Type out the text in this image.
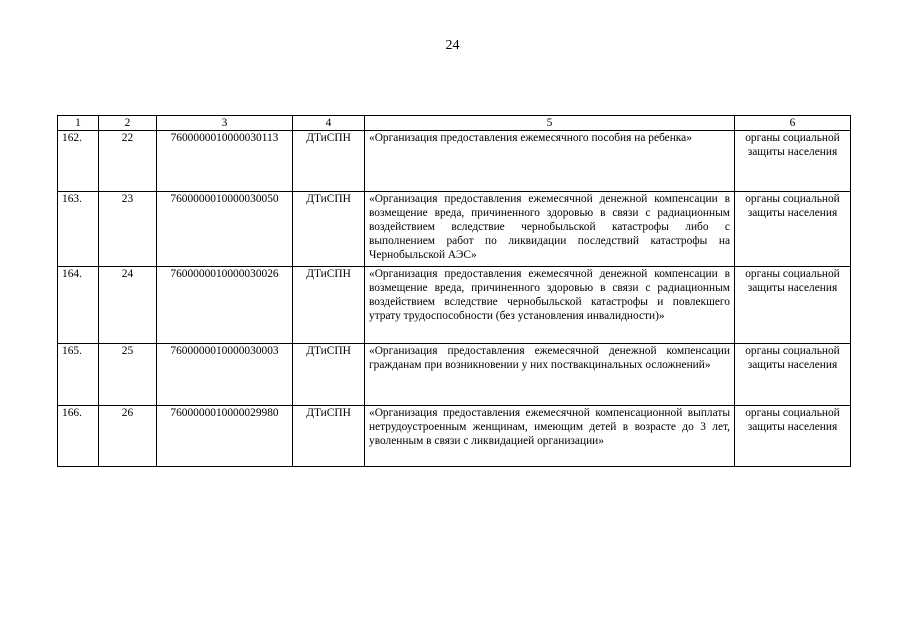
24
1	2	3	4	5	6
162.	22	7600000010000030113	ДТиСПН	«Организация предоставления ежемесячного пособия на ребенка»	органы социальной защиты населения
163.	23	7600000010000030050	ДТиСПН	«Организация предоставления ежемесячной денежной компенсации в возмещение вреда, причиненного здоровью в связи с радиационным воздействием вследствие чернобыльской катастрофы либо с выполнением работ по ликвидации последствий катастрофы на Чернобыльской АЭС»	органы социальной защиты населения
164.	24	7600000010000030026	ДТиСПН	«Организация предоставления ежемесячной денежной компенсации в возмещение вреда, причиненного здоровью в связи с радиационным воздействием вследствие чернобыльской катастрофы и повлекшего утрату трудоспособности (без установления инвалидности)»	органы социальной защиты населения
165.	25	7600000010000030003	ДТиСПН	«Организация предоставления ежемесячной денежной компенсации гражданам при возникновении у них поствакцинальных осложнений»	органы социальной защиты населения
166.	26	7600000010000029980	ДТиСПН	«Организация предоставления ежемесячной компенсационной выплаты нетрудоустроенным женщинам, имеющим детей в возрасте до 3 лет, уволенным в связи с ликвидацией организации»	органы социальной защиты населения
